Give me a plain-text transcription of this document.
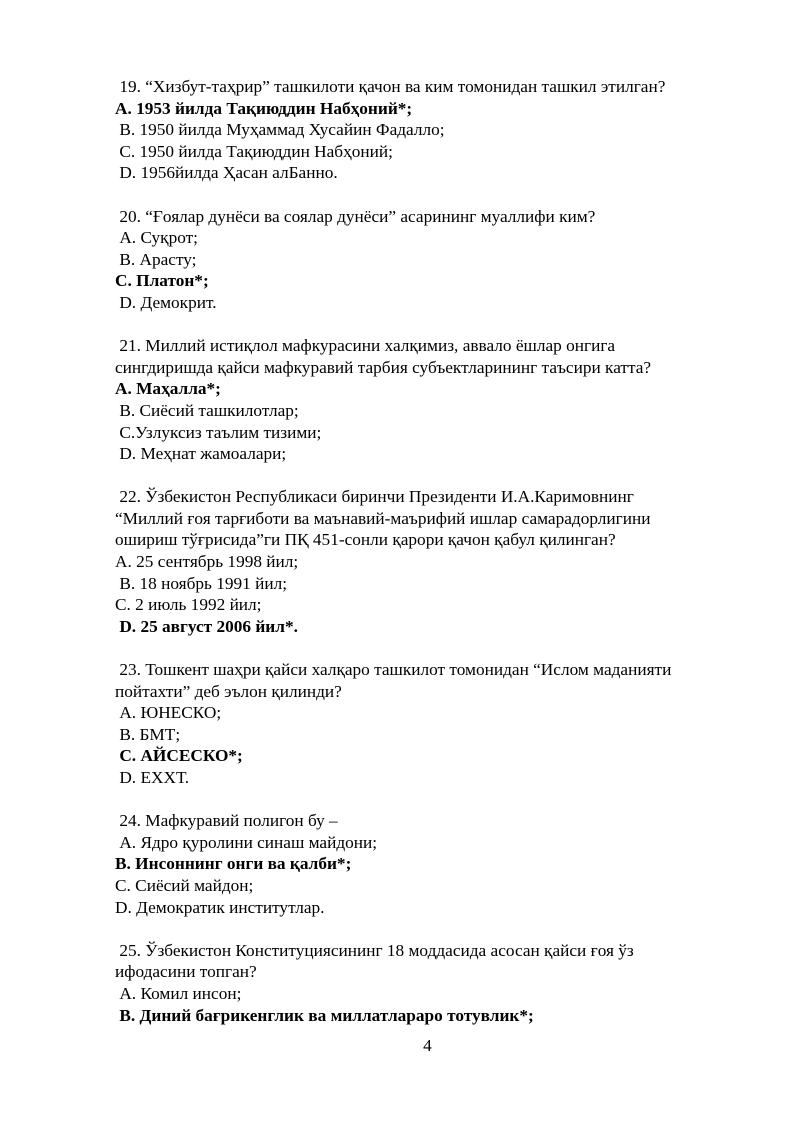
19. “Хизбут-таҳрир” ташкилоти қачон ва ким томонидан ташкил этилган?
А. 1953 йилда Тақиюддин Набҳоний*;
B. 1950 йилда Муҳаммад Хусайин Фадалло;
C. 1950 йилда Тақиюддин Набҳоний;
D. 1956йилда Ҳасан алБанно.
20. “Ғоялар дунёси ва соялар дунёси” асарининг муаллифи ким?
А. Суқрот;
B. Арасту;
C. Платон*;
D. Демокрит.
21. Миллий истиқлол мафкурасини халқимиз, аввало ёшлар онгига
сингдиришда қайси мафкуравий тарбия субъектларининг таъсири катта?
А. Маҳалла*;
B. Сиёсий ташкилотлар;
C.Узлуксиз таълим тизими;
D. Меҳнат жамоалари;
22. Ўзбекистон Республикаси биринчи Президенти И.А.Каримовнинг
“Миллий ғоя тарғиботи ва маънавий-маърифий ишлар самарадорлигини
ошириш тўғрисида”ги ПҚ 451-сонли қарори қачон қабул қилинган?
А. 25 сентябрь 1998 йил;
B. 18 ноябрь 1991 йил;
C. 2 июль 1992 йил;
D. 25 август 2006 йил*.
23. Тошкент шаҳри қайси халқаро ташкилот томонидан “Ислом маданияти
пойтахти” деб эълон қилинди?
А. ЮНЕСКО;
B. БМТ;
C. АЙСЕСКО*;
D. ЕХХТ.
24. Мафкуравий полигон бу –
А. Ядро қуролини синаш майдони;
B. Инсоннинг онги ва қалби*;
C. Сиёсий майдон;
D. Демократик институтлар.
25. Ўзбекистон Конституциясининг 18 моддасида асосан қайси ғоя ўз
ифодасини топган?
А. Комил инсон;
B. Диний бағрикенглик ва миллатлараро тотувлик*;
4
